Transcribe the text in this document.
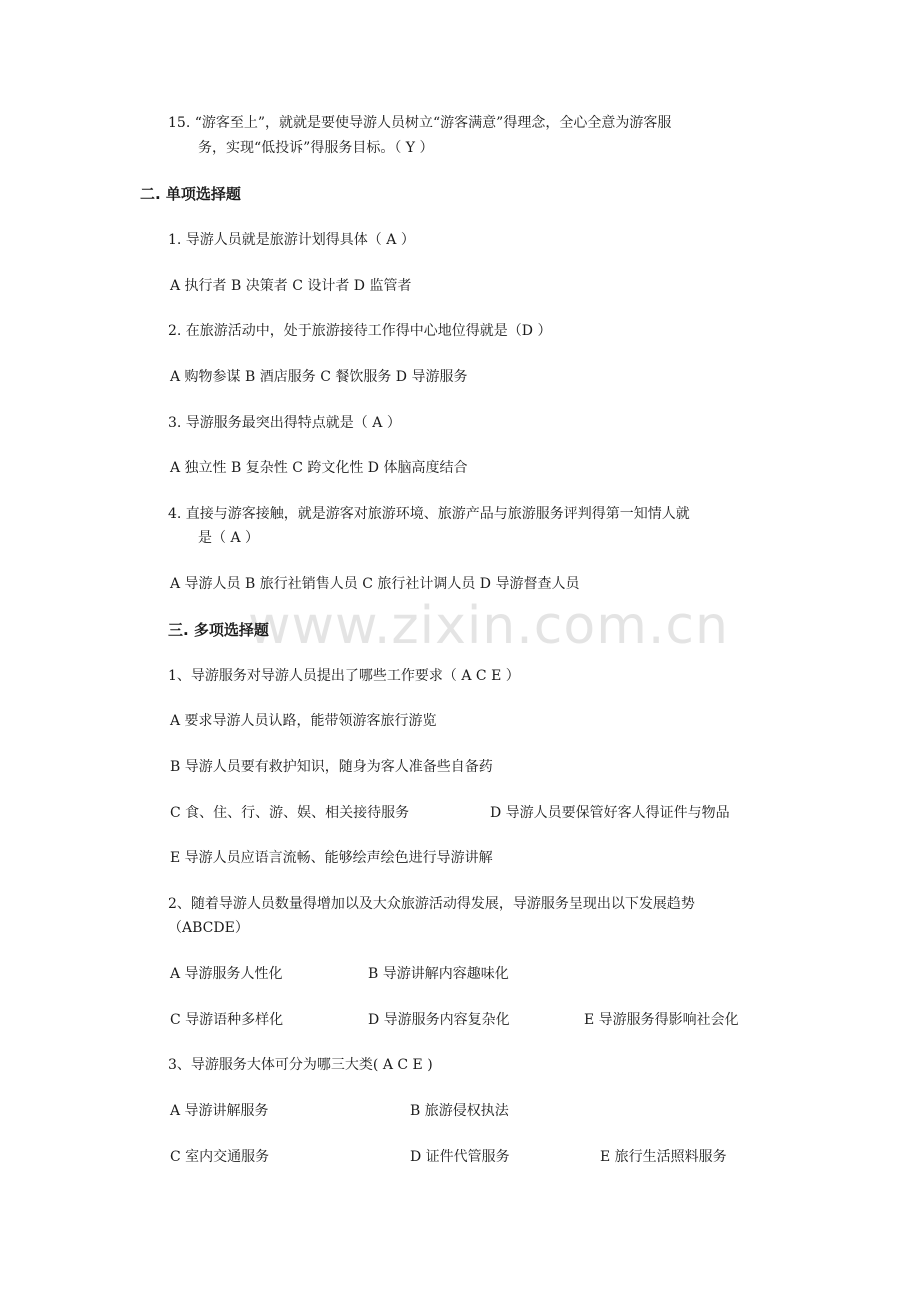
www.zixin.com.cn
15. “游客至上”，就就是要使导游人员树立“游客满意”得理念，全心全意为游客服
务，实现“低投诉”得服务目标。（ Y ）
二. 单项选择题
1. 导游人员就是旅游计划得具体（ A ）
A 执行者 B 决策者 C 设计者 D 监管者
2. 在旅游活动中，处于旅游接待工作得中心地位得就是（D ）
A 购物参谋 B 酒店服务 C 餐饮服务 D 导游服务
3. 导游服务最突出得特点就是（ A ）
A 独立性 B 复杂性 C 跨文化性 D 体脑高度结合
4. 直接与游客接触，就是游客对旅游环境、旅游产品与旅游服务评判得第一知情人就
是（ A ）
A 导游人员 B 旅行社销售人员 C 旅行社计调人员 D 导游督查人员
三. 多项选择题
1、导游服务对导游人员提出了哪些工作要求（ A C E ）
A 要求导游人员认路，能带领游客旅行游览
B 导游人员要有救护知识，随身为客人准备些自备药
C 食、住、行、游、娱、相关接待服务	D 导游人员要保管好客人得证件与物品
E 导游人员应语言流畅、能够绘声绘色进行导游讲解
2、随着导游人员数量得增加以及大众旅游活动得发展，导游服务呈现出以下发展趋势
（ABCDE）
A 导游服务人性化	B 导游讲解内容趣味化
C 导游语种多样化	D 导游服务内容复杂化	E 导游服务得影响社会化
3、导游服务大体可分为哪三大类( A C E )
A 导游讲解服务	B 旅游侵权执法
C 室内交通服务	D 证件代管服务	E 旅行生活照料服务
